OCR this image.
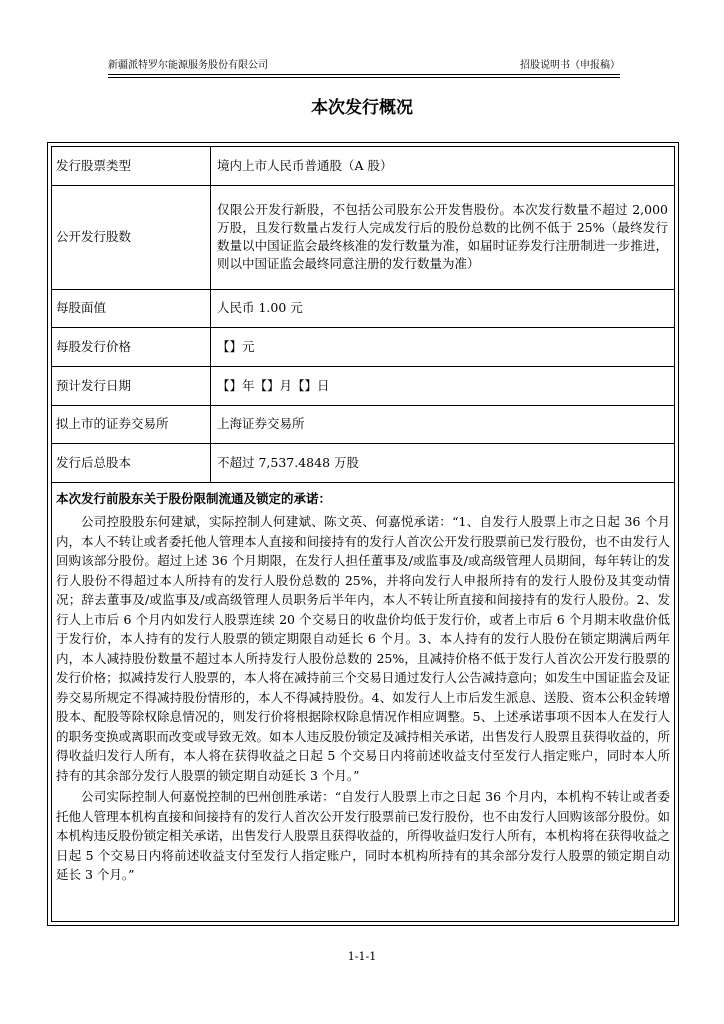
新疆派特罗尔能源服务股份有限公司	招股说明书（申报稿）
本次发行概况
发行股票类型	境内上市人民币普通股（A 股）
公开发行股数	仅限公开发行新股，不包括公司股东公开发售股份。本次发行数量不超过 2,000 万股，且发行数量占发行人完成发行后的股份总数的比例不低于 25%（最终发行数量以中国证监会最终核准的发行数量为准，如届时证券发行注册制进一步推进，则以中国证监会最终同意注册的发行数量为准）
每股面值	人民币 1.00 元
每股发行价格	【】元
预计发行日期	【】年【】月【】日
拟上市的证券交易所	上海证券交易所
发行后总股本	不超过 7,537.4848 万股
本次发行前股东关于股份限制流通及锁定的承诺：

公司控股股东何建斌，实际控制人何建斌、陈文英、何嘉悦承诺：“1、自发行人股票上市之日起 36 个月内，本人不转让或者委托他人管理本人直接和间接持有的发行人首次公开发行股票前已发行股份，也不由发行人回购该部分股份。超过上述 36 个月期限，在发行人担任董事及/或监事及/或高级管理人员期间，每年转让的发行人股份不得超过本人所持有的发行人股份总数的 25%，并将向发行人申报所持有的发行人股份及其变动情况；辞去董事及/或监事及/或高级管理人员职务后半年内，本人不转让所直接和间接持有的发行人股份。2、发行人上市后 6 个月内如发行人股票连续 20 个交易日的收盘价均低于发行价，或者上市后 6 个月期末收盘价低于发行价，本人持有的发行人股票的锁定期限自动延长 6 个月。3、本人持有的发行人股份在锁定期满后两年内，本人减持股份数量不超过本人所持发行人股份总数的 25%，且减持价格不低于发行人首次公开发行股票的发行价格；拟减持发行人股票的，本人将在减持前三个交易日通过发行人公告减持意向；如发生中国证监会及证券交易所规定不得减持股份情形的，本人不得减持股份。4、如发行人上市后发生派息、送股、资本公积金转增股本、配股等除权除息情况的，则发行价将根据除权除息情况作相应调整。5、上述承诺事项不因本人在发行人的职务变换或离职而改变或导致无效。如本人违反股份锁定及减持相关承诺，出售发行人股票且获得收益的，所得收益归发行人所有，本人将在获得收益之日起 5 个交易日内将前述收益支付至发行人指定账户，同时本人所持有的其余部分发行人股票的锁定期自动延长 3 个月。”

公司实际控制人何嘉悦控制的巴州创胜承诺：“自发行人股票上市之日起 36 个月内，本机构不转让或者委托他人管理本机构直接和间接持有的发行人首次公开发行股票前已发行股份，也不由发行人回购该部分股份。如本机构违反股份锁定相关承诺，出售发行人股票且获得收益的，所得收益归发行人所有，本机构将在获得收益之日起 5 个交易日内将前述收益支付至发行人指定账户，同时本机构所持有的其余部分发行人股票的锁定期自动延长 3 个月。”

1-1-1
